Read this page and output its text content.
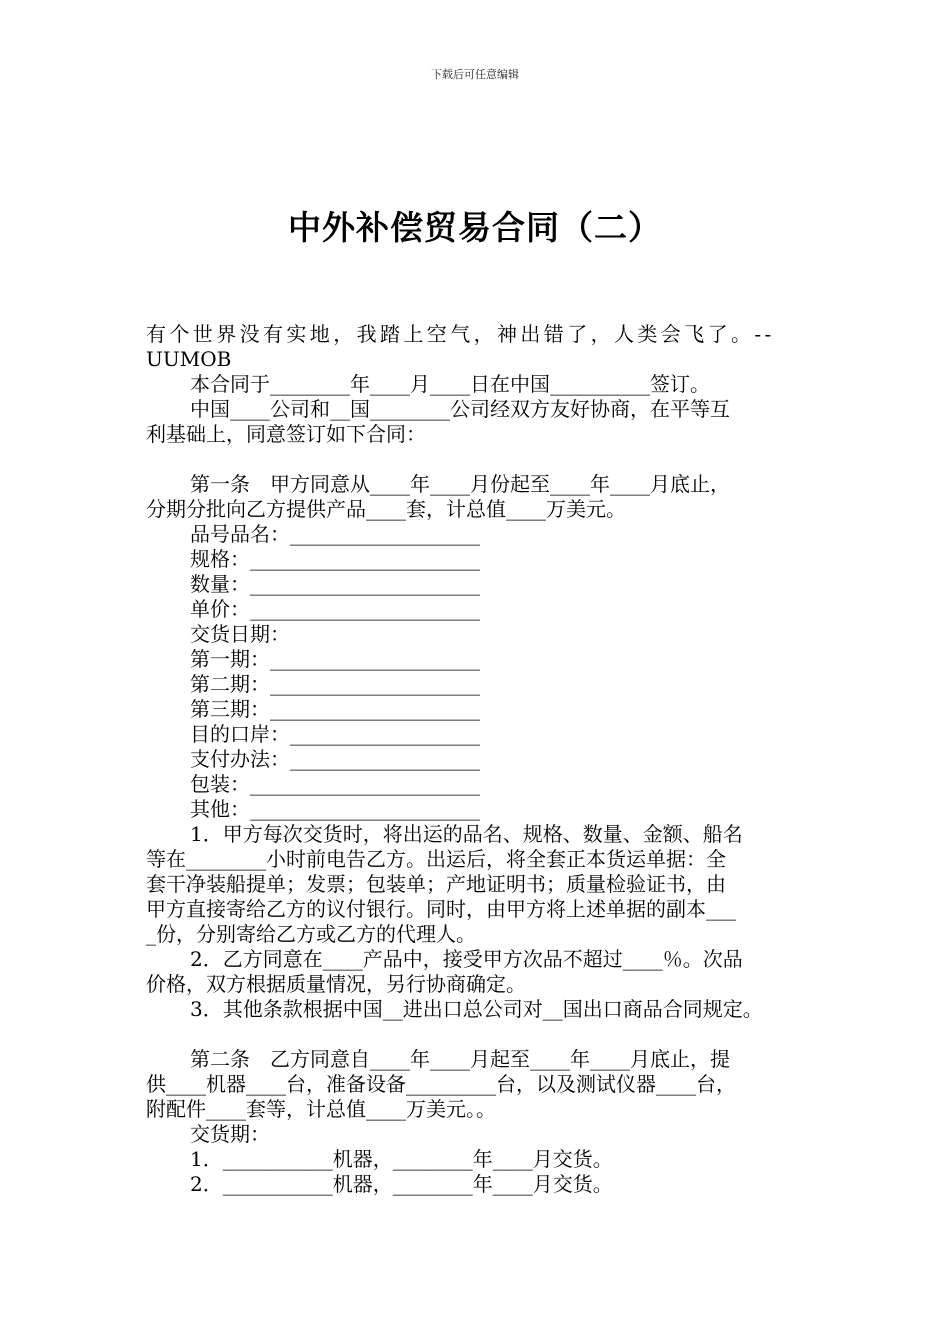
下载后可任意编辑
中外补偿贸易合同（二）
有个世界没有实地，我踏上空气，神出错了，人类会飞了。--
UUMOB
本合同于________年____月____日在中国__________签订。
中国____公司和__国________公司经双方友好协商，在平等互
利基础上，同意签订如下合同：
第一条　甲方同意从____年____月份起至____年____月底止，
分期分批向乙方提供产品____套，计总值____万美元。
品号品名：___________________
规格：_______________________
数量：_______________________
单价：_______________________
交货日期：
第一期：_____________________
第二期：_____________________
第三期：_____________________
目的口岸：___________________
支付办法：___________________
包装：_______________________
其他：_______________________
1．甲方每次交货时，将出运的品名、规格、数量、金额、船名
等在________小时前电告乙方。出运后，将全套正本货运单据：全
套干净装船提单；发票；包装单；产地证明书；质量检验证书，由
甲方直接寄给乙方的议付银行。同时，由甲方将上述单据的副本___
_份，分别寄给乙方或乙方的代理人。
2．乙方同意在____产品中，接受甲方次品不超过____％。次品
价格，双方根据质量情况，另行协商确定。
3．其他条款根据中国__进出口总公司对__国出口商品合同规定。
第二条　乙方同意自____年____月起至____年____月底止，提
供____机器____台，准备设备_________台，以及测试仪器____台，
附配件____套等，计总值____万美元。。
交货期：
1．___________机器，________年____月交货。
2．___________机器，________年____月交货。
